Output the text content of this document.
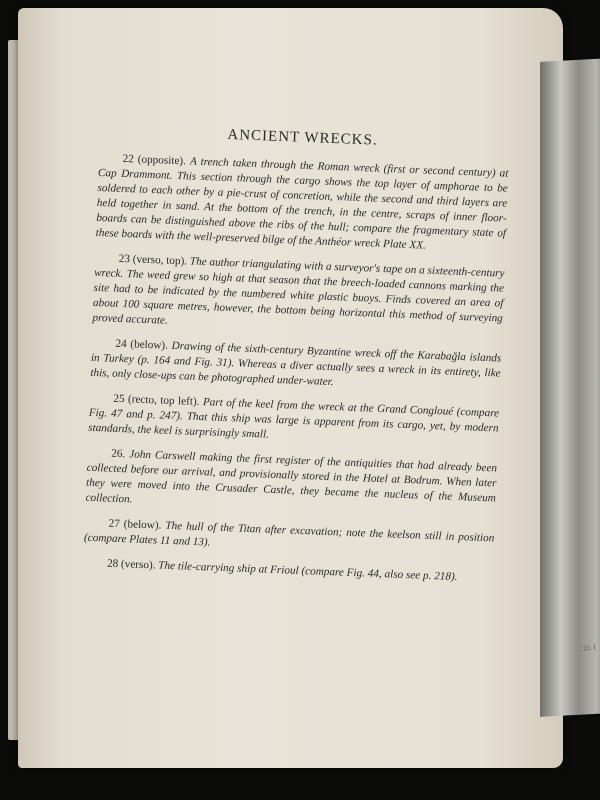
22. I
ANCIENT WRECKS.

22 (opposite). A trench taken through the Roman wreck (first or second century) at Cap Drammont. This section through the cargo shows the top layer of amphorae to be soldered to each other by a pie-crust of concretion, while the second and third layers are held together in sand. At the bottom of the trench, in the centre, scraps of inner floor-boards can be distinguished above the ribs of the hull; compare the fragmentary state of these boards with the well-preserved bilge of the Anthéor wreck Plate XX.

23 (verso, top). The author triangulating with a surveyor's tape on a sixteenth-century wreck. The weed grew so high at that season that the breech-loaded cannons marking the site had to be indicated by the numbered white plastic buoys. Finds covered an area of about 100 square metres, however, the bottom being horizontal this method of surveying proved accurate.

24 (below). Drawing of the sixth-century Byzantine wreck off the Karabağla islands in Turkey (p. 164 and Fig. 31). Whereas a diver actually sees a wreck in its entirety, like this, only close-ups can be photographed under-water.

25 (recto, top left). Part of the keel from the wreck at the Grand Congloué (compare Fig. 47 and p. 247). That this ship was large is apparent from its cargo, yet, by modern standards, the keel is surprisingly small.

26. John Carswell making the first register of the antiquities that had already been collected before our arrival, and provisionally stored in the Hotel at Bodrum. When later they were moved into the Crusader Castle, they became the nucleus of the Museum collection.

27 (below). The hull of the Titan after excavation; note the keelson still in position (compare Plates 11 and 13).

28 (verso). The tile-carrying ship at Frioul (compare Fig. 44, also see p. 218).
